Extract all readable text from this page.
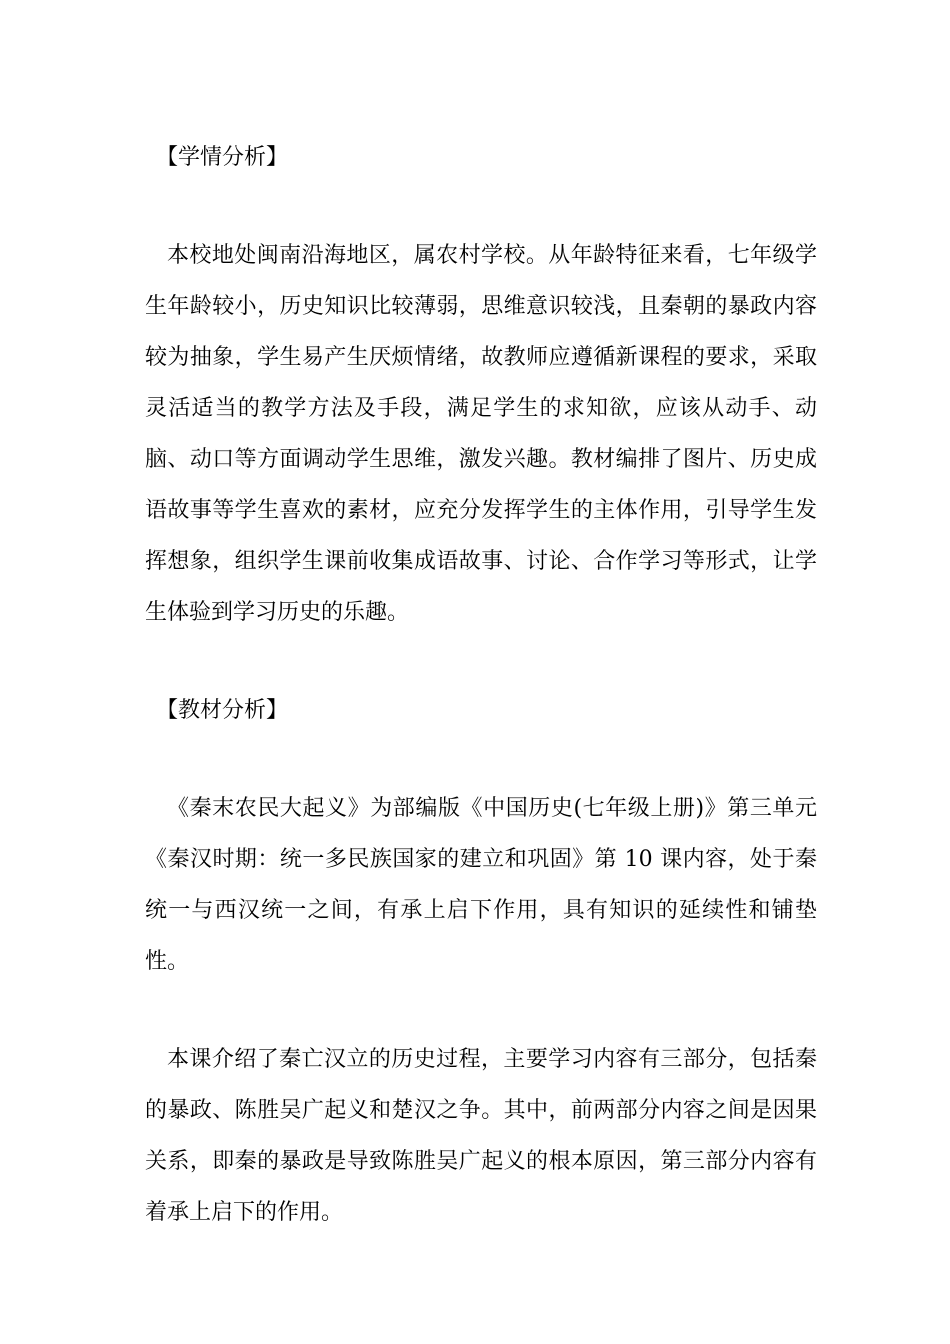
【学情分析】

本校地处闽南沿海地区，属农村学校。从年龄特征来看，七年级学生年龄较小，历史知识比较薄弱，思维意识较浅，且秦朝的暴政内容较为抽象，学生易产生厌烦情绪，故教师应遵循新课程的要求，采取灵活适当的教学方法及手段，满足学生的求知欲，应该从动手、动脑、动口等方面调动学生思维，激发兴趣。教材编排了图片、历史成语故事等学生喜欢的素材，应充分发挥学生的主体作用，引导学生发挥想象，组织学生课前收集成语故事、讨论、合作学习等形式，让学生体验到学习历史的乐趣。

【教材分析】

《秦末农民大起义》为部编版《中国历史(七年级上册)》第三单元《秦汉时期：统一多民族国家的建立和巩固》第 10 课内容，处于秦统一与西汉统一之间，有承上启下作用，具有知识的延续性和铺垫性。

本课介绍了秦亡汉立的历史过程，主要学习内容有三部分，包括秦的暴政、陈胜吴广起义和楚汉之争。其中，前两部分内容之间是因果关系，即秦的暴政是导致陈胜吴广起义的根本原因，第三部分内容有着承上启下的作用。
